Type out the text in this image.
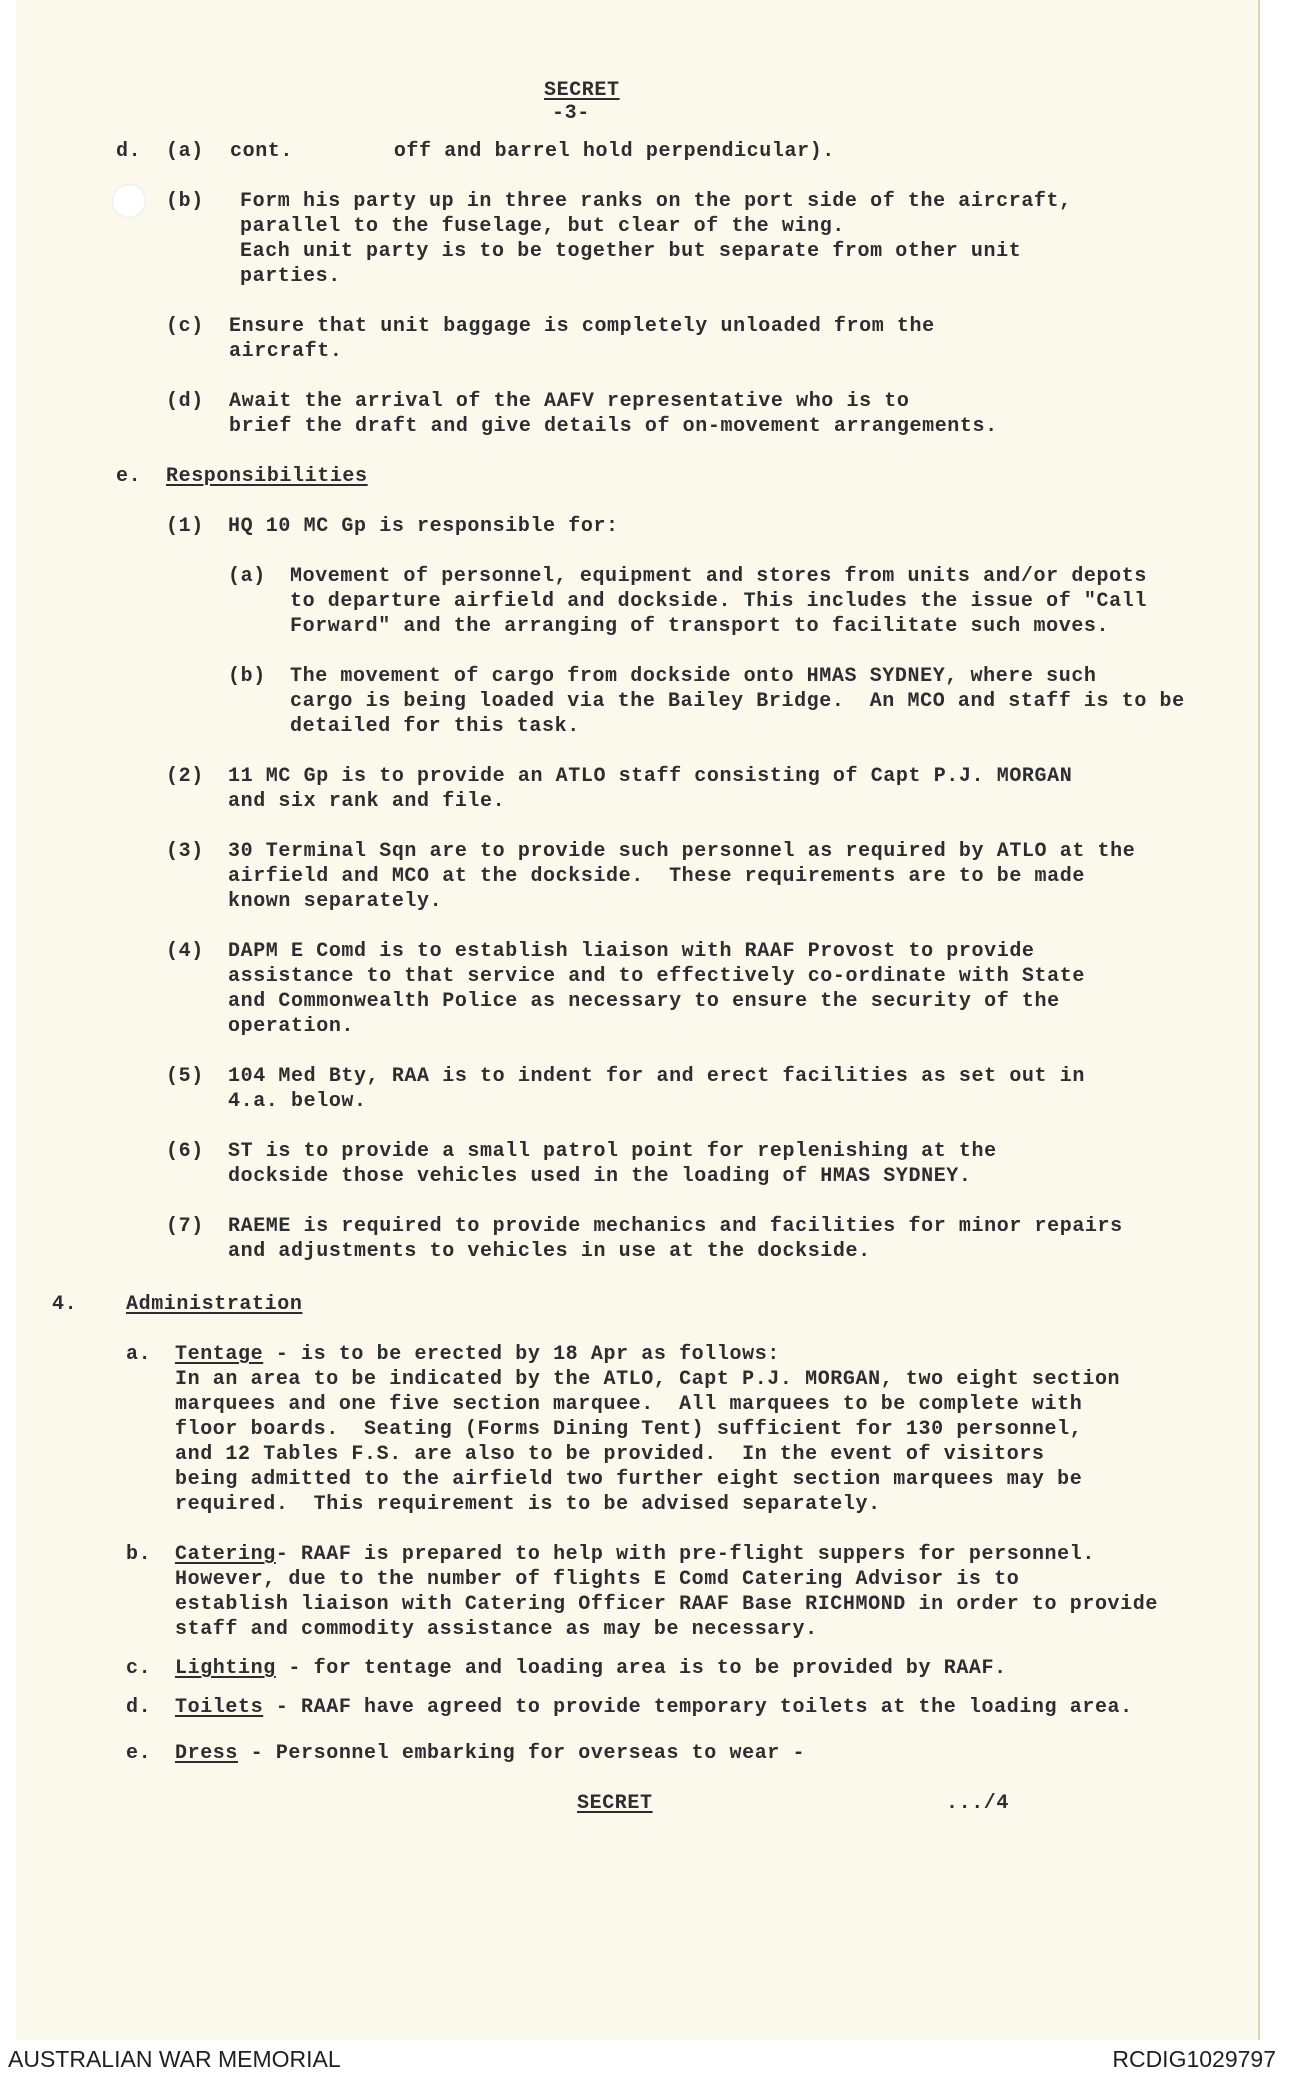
SECRET
-3-
d. (a) cont.        off and barrel hold perpendicular).
(b) Form his party up in three ranks on the port side of the aircraft,
parallel to the fuselage, but clear of the wing.
Each unit party is to be together but separate from other unit
parties.
(c) Ensure that unit baggage is completely unloaded from the
aircraft.
(d) Await the arrival of the AAFV representative who is to
brief the draft and give details of on-movement arrangements.
e. Responsibilities
(1) HQ 10 MC Gp is responsible for:
(a) Movement of personnel, equipment and stores from units and/or depots
to departure airfield and dockside. This includes the issue of "Call
Forward" and the arranging of transport to facilitate such moves.
(b) The movement of cargo from dockside onto HMAS SYDNEY, where such
cargo is being loaded via the Bailey Bridge.  An MCO and staff is to be
detailed for this task.
(2) 11 MC Gp is to provide an ATLO staff consisting of Capt P.J. MORGAN
and six rank and file.
(3) 30 Terminal Sqn are to provide such personnel as required by ATLO at the
airfield and MCO at the dockside.  These requirements are to be made
known separately.
(4) DAPM E Comd is to establish liaison with RAAF Provost to provide
assistance to that service and to effectively co-ordinate with State
and Commonwealth Police as necessary to ensure the security of the
operation.
(5) 104 Med Bty, RAA is to indent for and erect facilities as set out in
4.a. below.
(6) ST is to provide a small patrol point for replenishing at the
dockside those vehicles used in the loading of HMAS SYDNEY.
(7) RAEME is required to provide mechanics and facilities for minor repairs
and adjustments to vehicles in use at the dockside.
4. Administration
a. Tentage - is to be erected by 18 Apr as follows:
In an area to be indicated by the ATLO, Capt P.J. MORGAN, two eight section
marquees and one five section marquee.  All marquees to be complete with
floor boards.  Seating (Forms Dining Tent) sufficient for 130 personnel,
and 12 Tables F.S. are also to be provided.  In the event of visitors
being admitted to the airfield two further eight section marquees may be
required.  This requirement is to be advised separately.
b. Catering- RAAF is prepared to help with pre-flight suppers for personnel.
However, due to the number of flights E Comd Catering Advisor is to
establish liaison with Catering Officer RAAF Base RICHMOND in order to provide
staff and commodity assistance as may be necessary.
c. Lighting - for tentage and loading area is to be provided by RAAF.
d. Toilets - RAAF have agreed to provide temporary toilets at the loading area.
e. Dress - Personnel embarking for overseas to wear -
SECRET	.../4
AUSTRALIAN WAR MEMORIAL	RCDIG1029797
